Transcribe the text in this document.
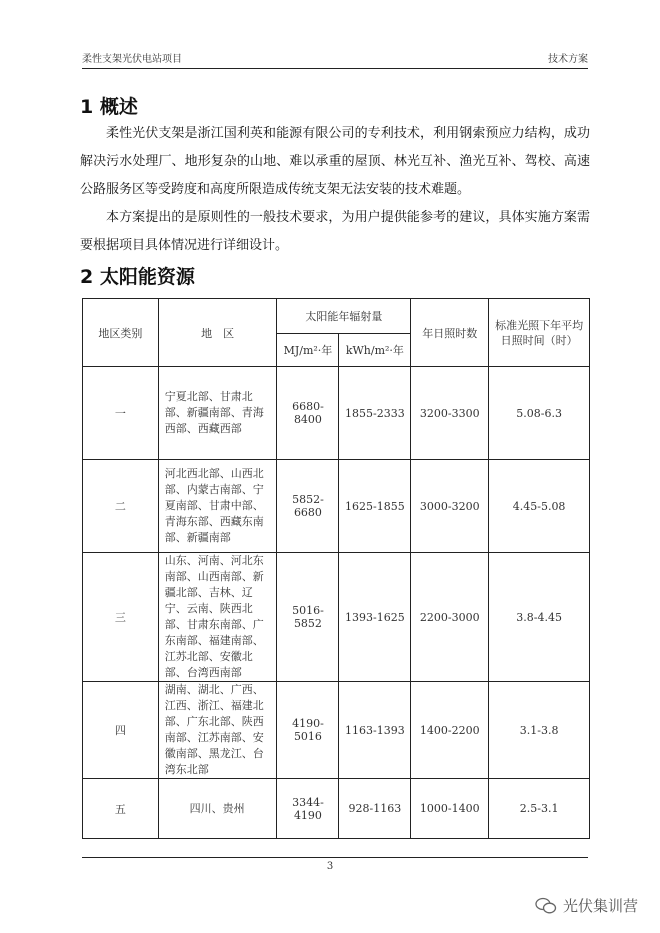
柔性支架光伏电站项目	技术方案
1 概述

柔性光伏支架是浙江国利英和能源有限公司的专利技术，利用钢索预应力结构，成功解决污水处理厂、地形复杂的山地、难以承重的屋顶、林光互补、渔光互补、驾校、高速公路服务区等受跨度和高度所限造成传统支架无法安装的技术难题。

本方案提出的是原则性的一般技术要求，为用户提供能参考的建议，具体实施方案需要根据项目具体情况进行详细设计。

2 太阳能资源
地区类别	地　区	太阳能年辐射量		年日照时数	标准光照下年平均日照时间（时）
		MJ/m²·年	kWh/m²·年		
一	宁夏北部、甘肃北部、新疆南部、青海西部、西藏西部	6680-8400	1855-2333	3200-3300	5.08-6.3
二	河北西北部、山西北部、内蒙古南部、宁夏南部、甘肃中部、青海东部、西藏东南部、新疆南部	5852-6680	1625-1855	3000-3200	4.45-5.08
三	山东、河南、河北东南部、山西南部、新疆北部、吉林、辽宁、云南、陕西北部、甘肃东南部、广东南部、福建南部、江苏北部、安徽北部、台湾西南部	5016-5852	1393-1625	2200-3000	3.8-4.45
四	湖南、湖北、广西、江西、浙江、福建北部、广东北部、陕西南部、江苏南部、安徽南部、黑龙江、台湾东北部	4190-5016	1163-1393	1400-2200	3.1-3.8
五	四川、贵州	3344-4190	928-1163	1000-1400	2.5-3.1
3
光伏集训营
